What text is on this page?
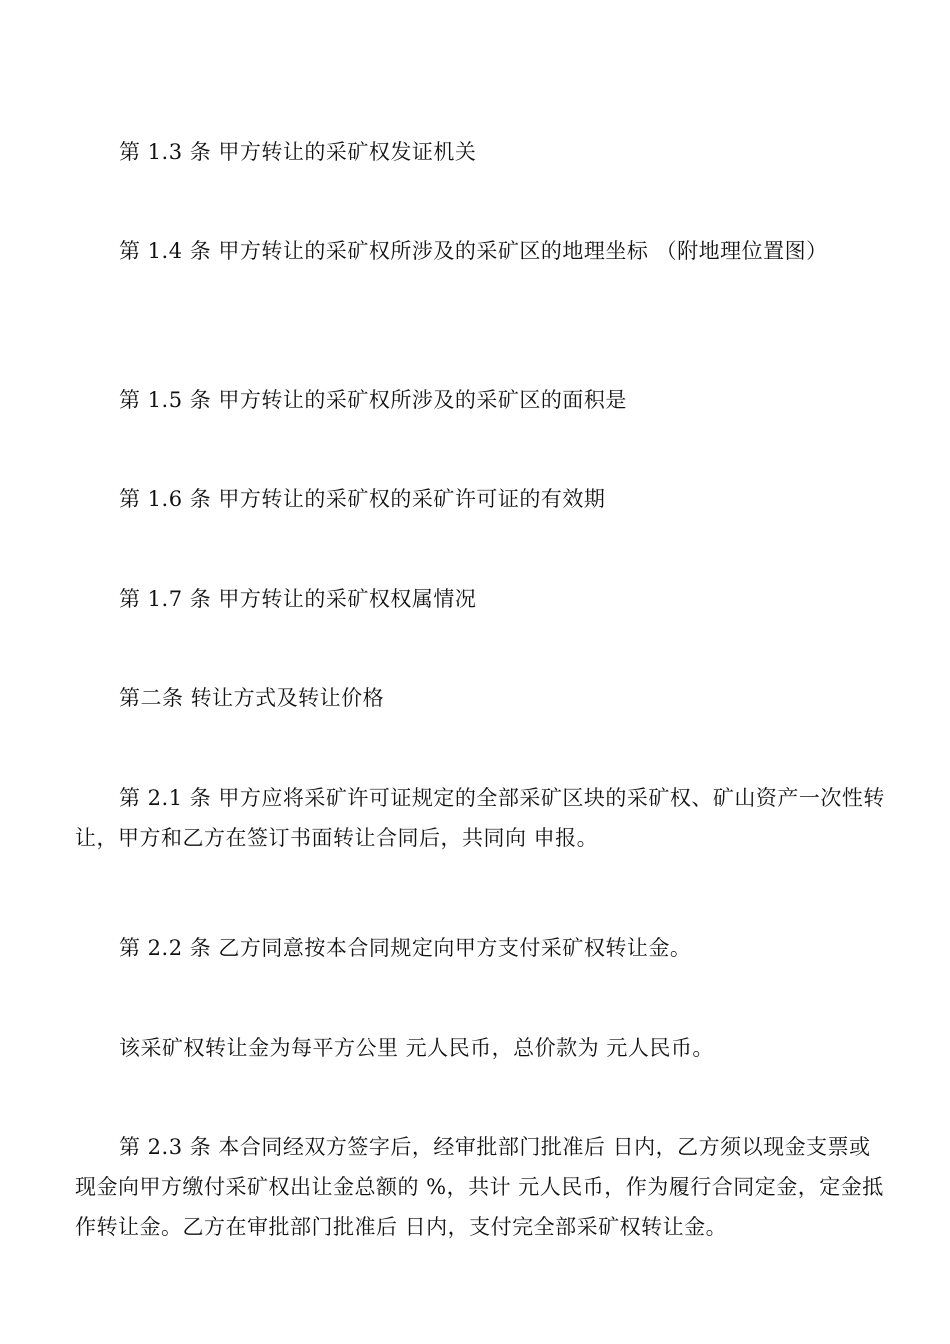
第 1.3 条 甲方转让的采矿权发证机关

第 1.4 条 甲方转让的采矿权所涉及的采矿区的地理坐标 （附地理位置图）

第 1.5 条 甲方转让的采矿权所涉及的采矿区的面积是

第 1.6 条 甲方转让的采矿权的采矿许可证的有效期

第 1.7 条 甲方转让的采矿权权属情况

第二条 转让方式及转让价格

第 2.1 条 甲方应将采矿许可证规定的全部采矿区块的采矿权、矿山资产一次性转让，甲方和乙方在签订书面转让合同后，共同向 申报。

第 2.2 条 乙方同意按本合同规定向甲方支付采矿权转让金。

该采矿权转让金为每平方公里 元人民币，总价款为 元人民币。

第 2.3 条 本合同经双方签字后，经审批部门批准后 日内，乙方须以现金支票或现金向甲方缴付采矿权出让金总额的 %，共计 元人民币，作为履行合同定金，定金抵作转让金。乙方在审批部门批准后 日内，支付完全部采矿权转让金。
